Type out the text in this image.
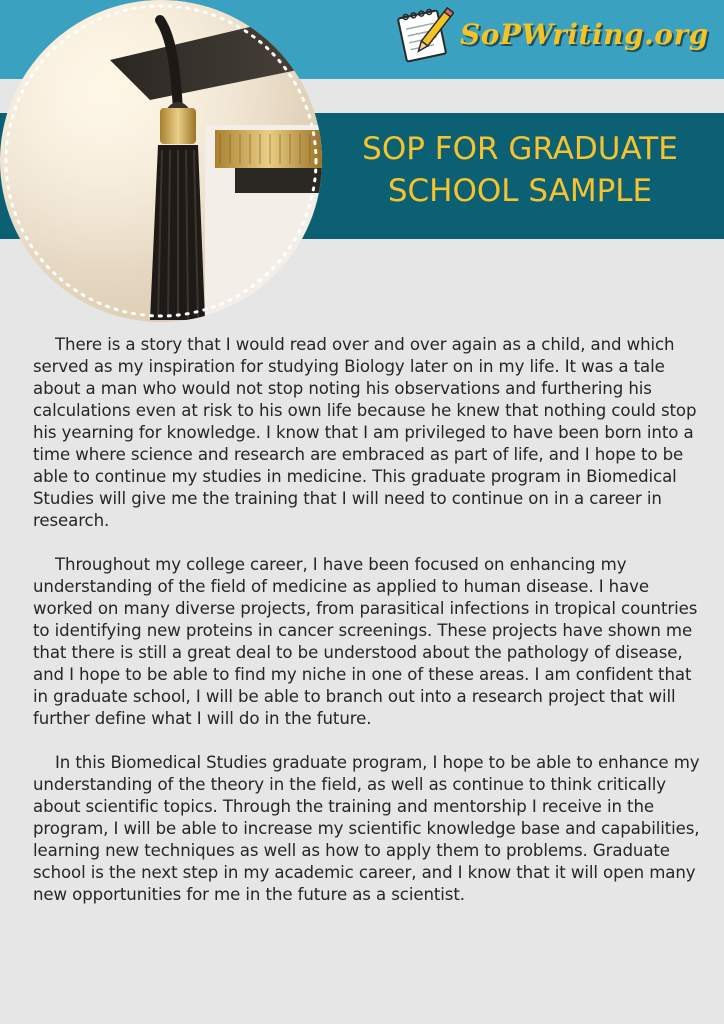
SoPWriting.org
SOP FOR GRADUATE
SCHOOL SAMPLE

There is a story that I would read over and over again as a child, and which served as my inspiration for studying Biology later on in my life. It was a tale about a man who would not stop noting his observations and furthering his calculations even at risk to his own life because he knew that nothing could stop his yearning for knowledge. I know that I am privileged to have been born into a time where science and research are embraced as part of life, and I hope to be able to continue my studies in medicine. This graduate program in Biomedical Studies will give me the training that I will need to continue on in a career in research.

Throughout my college career, I have been focused on enhancing my understanding of the field of medicine as applied to human disease. I have worked on many diverse projects, from parasitical infections in tropical countries to identifying new proteins in cancer screenings. These projects have shown me that there is still a great deal to be understood about the pathology of disease, and I hope to be able to find my niche in one of these areas. I am confident that in graduate school, I will be able to branch out into a research project that will further define what I will do in the future.

In this Biomedical Studies graduate program, I hope to be able to enhance my understanding of the theory in the field, as well as continue to think critically about scientific topics. Through the training and mentorship I receive in the program, I will be able to increase my scientific knowledge base and capabilities, learning new techniques as well as how to apply them to problems. Graduate school is the next step in my academic career, and I know that it will open many new opportunities for me in the future as a scientist.
